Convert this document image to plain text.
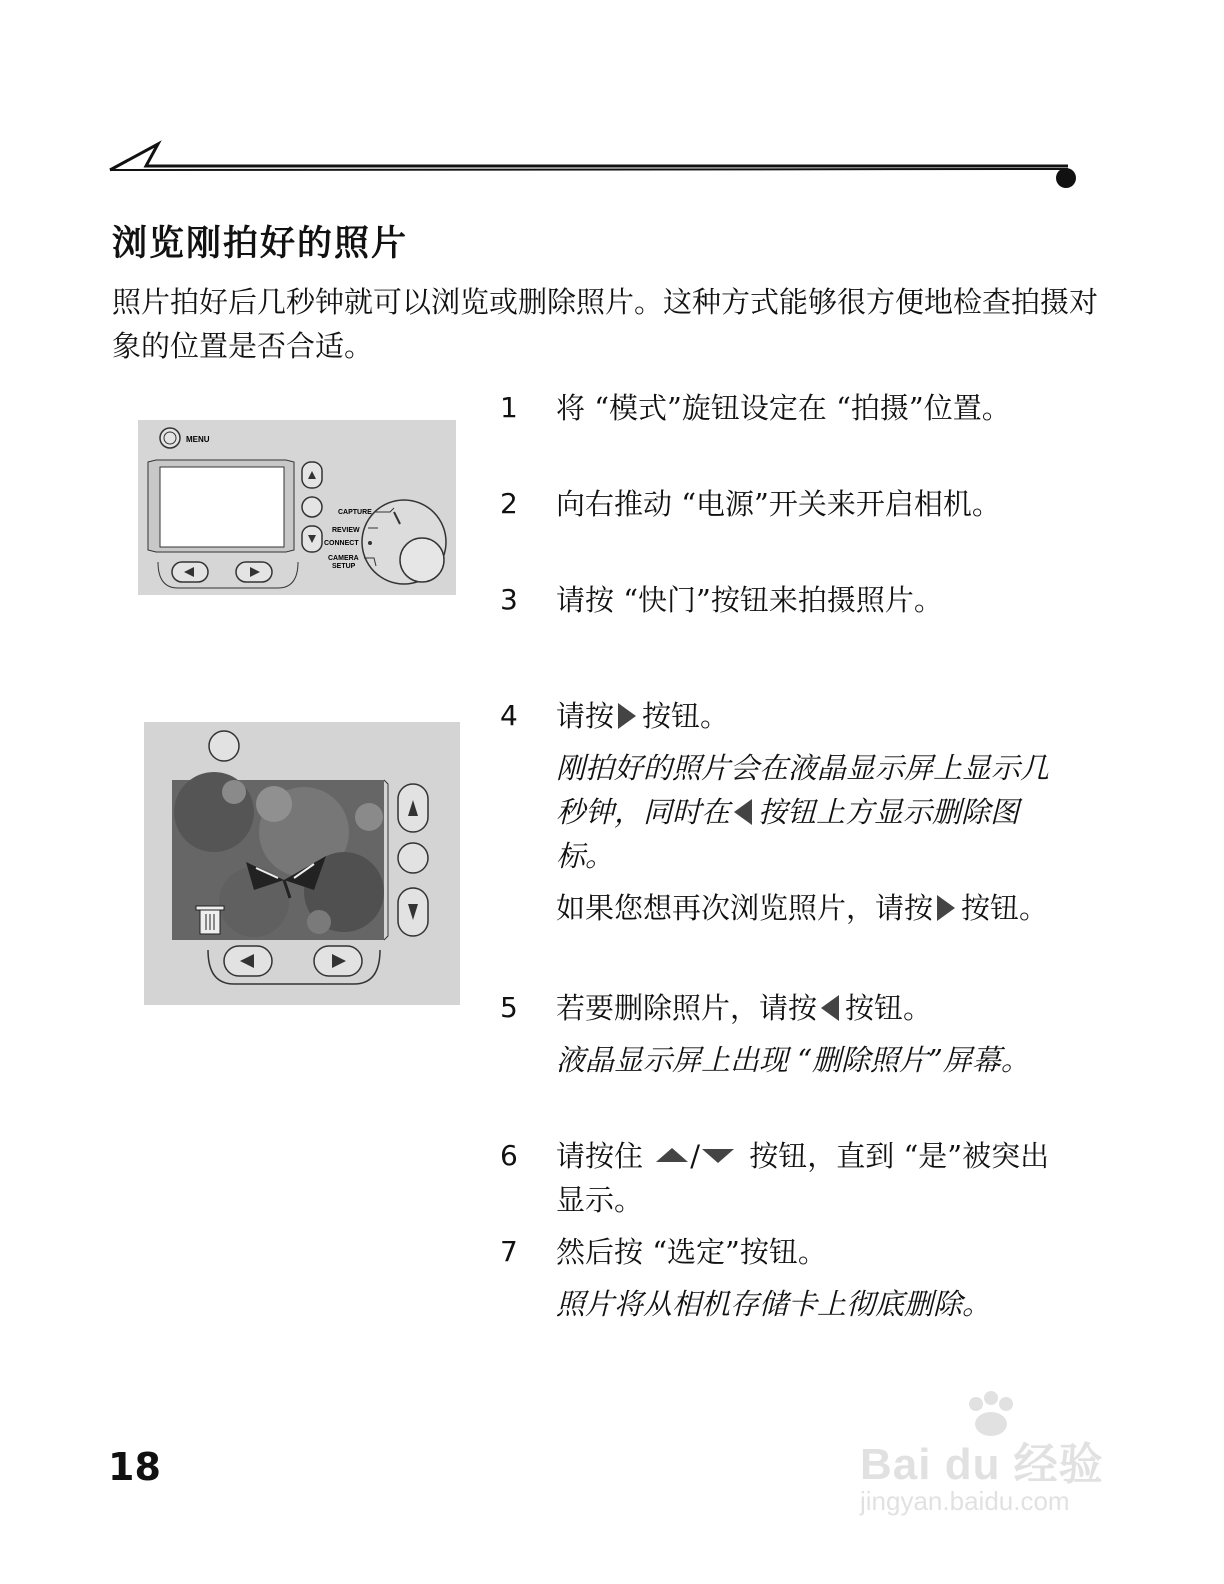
浏览刚拍好的照片
照片拍好后几秒钟就可以浏览或删除照片。这种方式能够很方便地检查拍摄对象的位置是否合适。
MENU
CAPTURE
REVIEW
CONNECT
CAMERA
SETUP
1	将 “模式”旋钮设定在 “拍摄”位置。
2	向右推动 “电源”开关来开启相机。
3	请按 “快门”按钮来拍摄照片。
4	请按 按钮。
刚拍好的照片会在液晶显示屏上显示几秒钟，同时在 按钮上方显示删除图标。
如果您想再次浏览照片，请按 按钮。
5	若要删除照片，请按 按钮。
液晶显示屏上出现 “删除照片”屏幕。
6	请按住 / 按钮，直到 “是”被突出显示。
7	然后按 “选定”按钮。
照片将从相机存储卡上彻底删除。
18	Bai du 经验
jingyan.baidu.com
